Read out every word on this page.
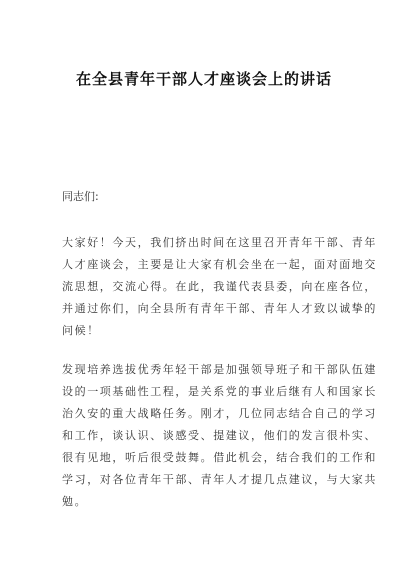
在全县青年干部人才座谈会上的讲话
同志们:
大家好！今天，我们挤出时间在这里召开青年干部、青年
人才座谈会，主要是让大家有机会坐在一起，面对面地交
流思想，交流心得。在此，我谨代表县委，向在座各位，
并通过你们，向全县所有青年干部、青年人才致以诚挚的
问候！
发现培养选拔优秀年轻干部是加强领导班子和干部队伍建
设的一项基础性工程，是关系党的事业后继有人和国家长
治久安的重大战略任务。刚才，几位同志结合自己的学习
和工作，谈认识、谈感受、提建议，他们的发言很朴实、
很有见地，听后很受鼓舞。借此机会，结合我们的工作和
学习，对各位青年干部、青年人才提几点建议，与大家共
勉。
